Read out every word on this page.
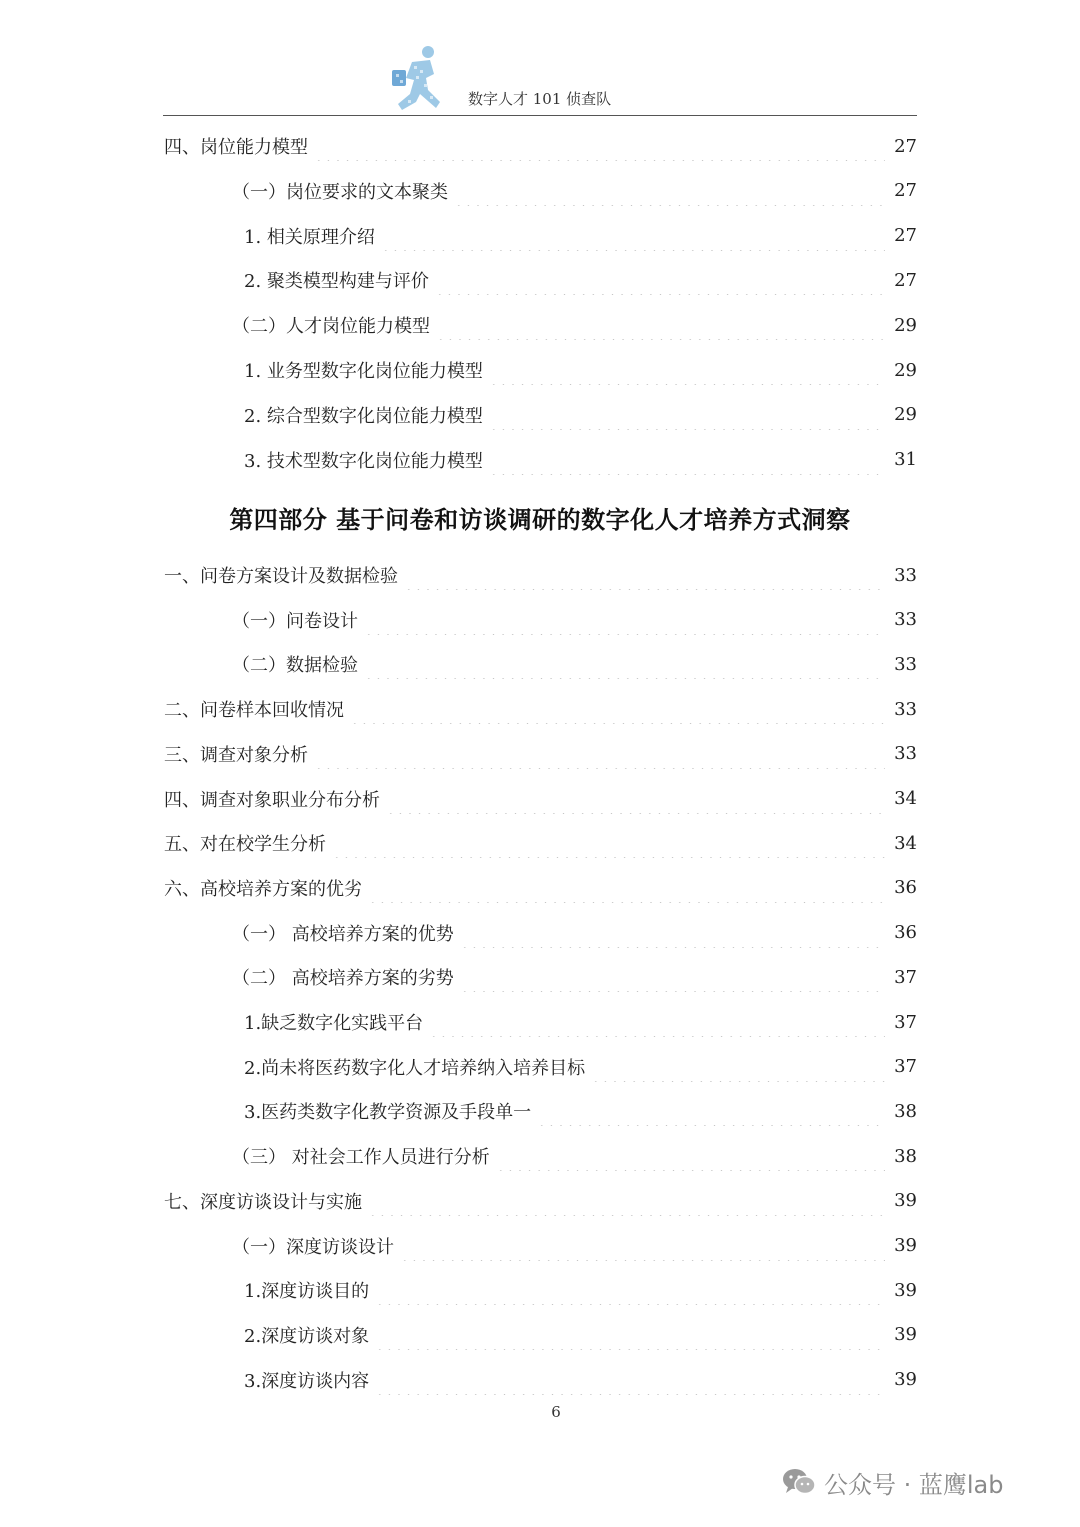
数字人才 101 侦查队
四、岗位能力模型	27
（一）岗位要求的文本聚类	27
1. 相关原理介绍	27
2. 聚类模型构建与评价	27
（二）人才岗位能力模型	29
1. 业务型数字化岗位能力模型	29
2. 综合型数字化岗位能力模型	29
3. 技术型数字化岗位能力模型	31
第四部分 基于问卷和访谈调研的数字化人才培养方式洞察
一、问卷方案设计及数据检验	33
（一）问卷设计	33
（二）数据检验	33
二、问卷样本回收情况	33
三、调查对象分析	33
四、调查对象职业分布分析	34
五、对在校学生分析	34
六、高校培养方案的优劣	36
（一） 高校培养方案的优势	36
（二） 高校培养方案的劣势	37
1.缺乏数字化实践平台	37
2.尚未将医药数字化人才培养纳入培养目标	37
3.医药类数字化教学资源及手段单一	38
（三） 对社会工作人员进行分析	38
七、深度访谈设计与实施	39
（一）深度访谈设计	39
1.深度访谈目的	39
2.深度访谈对象	39
3.深度访谈内容	39
6
公众号 · 蓝鹰lab
